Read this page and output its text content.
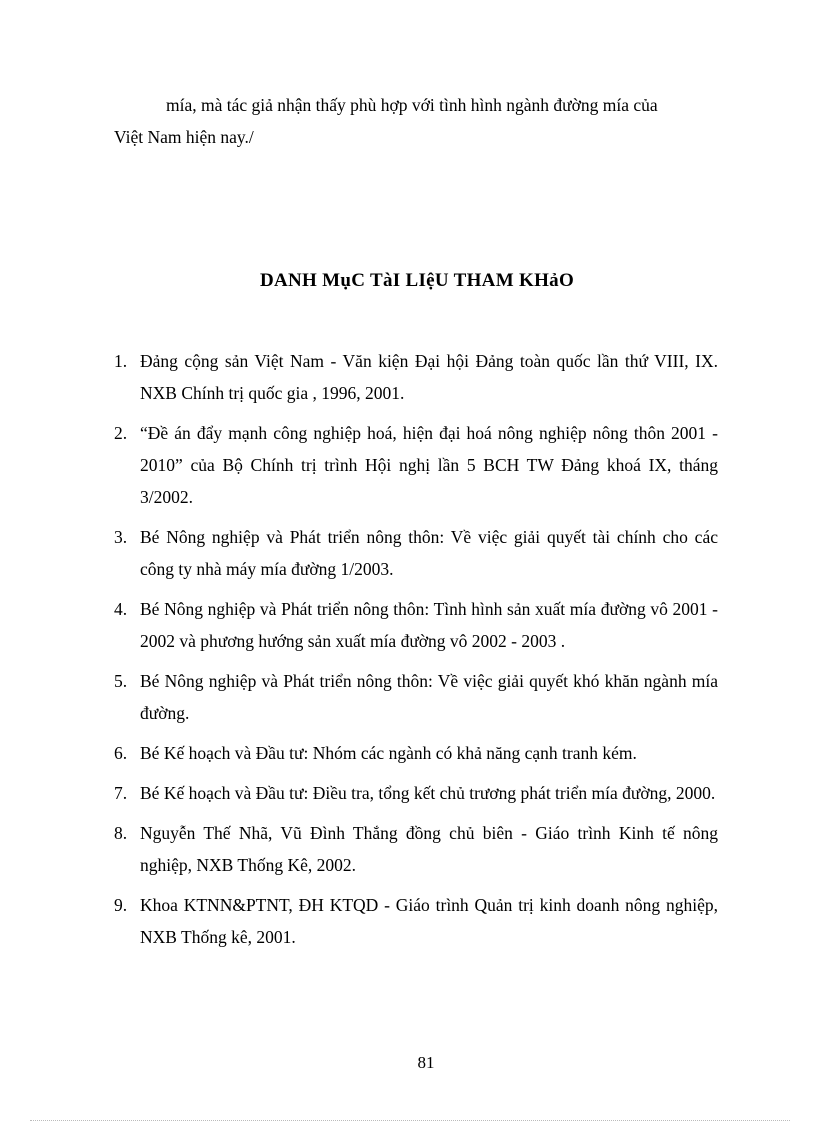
mía, mà tác giả nhận thấy phù hợp với tình hình ngành đường mía của
Việt Nam hiện nay./
DANH MụC TàI LIệU THAM KHảO
1. Đảng cộng sản Việt Nam - Văn kiện Đại hội Đảng toàn quốc lần thứ VIII, IX. NXB Chính trị quốc gia , 1996, 2001.
2. “Đề án đẩy mạnh công nghiệp hoá, hiện đại hoá nông nghiệp nông thôn 2001 - 2010” của Bộ Chính trị trình Hội nghị lần 5 BCH TW Đảng khoá IX, tháng 3/2002.
3. Bé Nông nghiệp và Phát triển nông thôn: Về việc giải quyết tài chính cho các công ty nhà máy mía đường 1/2003.
4. Bé Nông nghiệp và Phát triển nông thôn: Tình hình sản xuất mía đường vô 2001 - 2002 và phương hướng sản xuất mía đường vô 2002 - 2003 .
5. Bé Nông nghiệp và Phát triển nông thôn: Về việc giải quyết khó khăn ngành mía đường.
6. Bé Kế hoạch và Đầu tư: Nhóm các ngành có khả năng cạnh tranh kém.
7. Bé Kế hoạch và Đầu tư: Điều tra, tổng kết chủ trương phát triển mía đường, 2000.
8. Nguyễn Thế Nhã, Vũ Đình Thắng đồng chủ biên - Giáo trình Kinh tế nông nghiệp, NXB Thống Kê, 2002.
9. Khoa KTNN&PTNT, ĐH KTQD - Giáo trình Quản trị kinh doanh nông nghiệp, NXB Thống kê, 2001.
81
